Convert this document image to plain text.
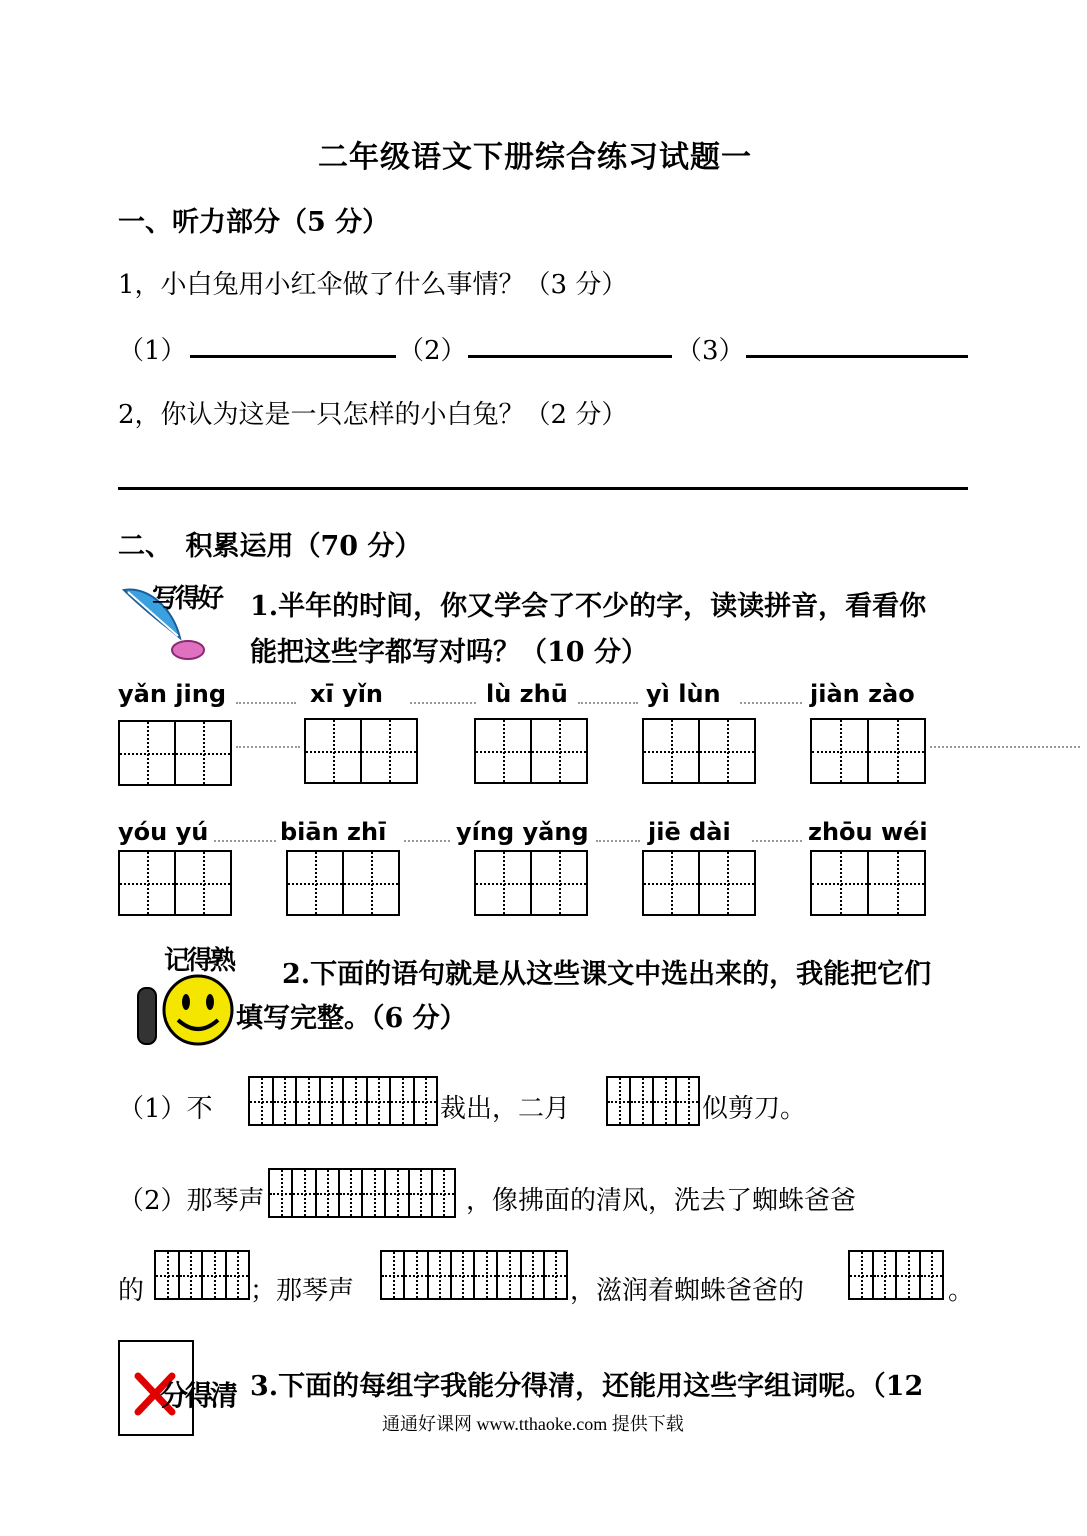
二年级语文下册综合练习试题一
一、听力部分（5 分）
1，小白兔用小红伞做了什么事情？（3 分）
（1）	（2）	（3）
2，你认为这是一只怎样的小白兔？（2 分）
二、　积累运用（70 分）
写得好 1.半年的时间，你又学会了不少的字，读读拼音，看看你
能把这些字都写对吗？（10 分）
yǎn jing	xī yǐn	lù zhū	yì lùn	jiàn zào
yóu yú	biān zhī	yíng yǎng jiē dài	zhōu wéi
记得熟 2.下面的语句就是从这些课文中选出来的，我能把它们
填写完整。（6 分）
（1）不	裁出，二月	似剪刀。
（2）那琴声	，像拂面的清风，洗去了蜘蛛爸爸
的	；那琴声	，滋润着蜘蛛爸爸的	。
分得清 3.下面的每组字我能分得清，还能用这些字组词呢。（12
通通好课网 www.tthaoke.com 提供下载
